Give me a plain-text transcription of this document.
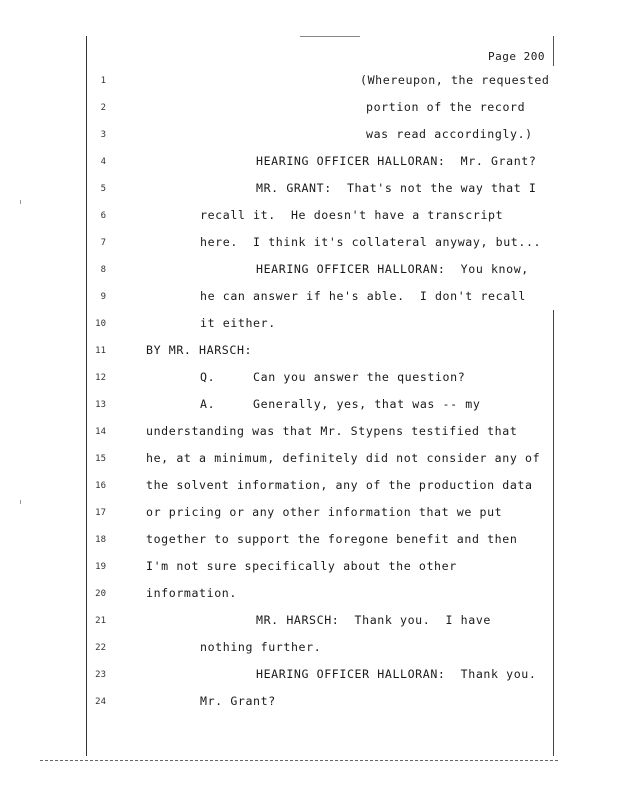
Page 200
1
2
3
4
5
6
7
8
9
10
11
12
13
14
15
16
17
18
19
20
21
22
23
24
(Whereupon, the requested
portion of the record
was read accordingly.)
HEARING OFFICER HALLORAN:  Mr. Grant?
MR. GRANT:  That's not the way that I
recall it.  He doesn't have a transcript
here.  I think it's collateral anyway, but...
HEARING OFFICER HALLORAN:  You know,
he can answer if he's able.  I don't recall
it either.
BY MR. HARSCH:
Q.     Can you answer the question?
A.     Generally, yes, that was -- my
understanding was that Mr. Stypens testified that
he, at a minimum, definitely did not consider any of
the solvent information, any of the production data
or pricing or any other information that we put
together to support the foregone benefit and then
I'm not sure specifically about the other
information.
MR. HARSCH:  Thank you.  I have
nothing further.
HEARING OFFICER HALLORAN:  Thank you.
Mr. Grant?
